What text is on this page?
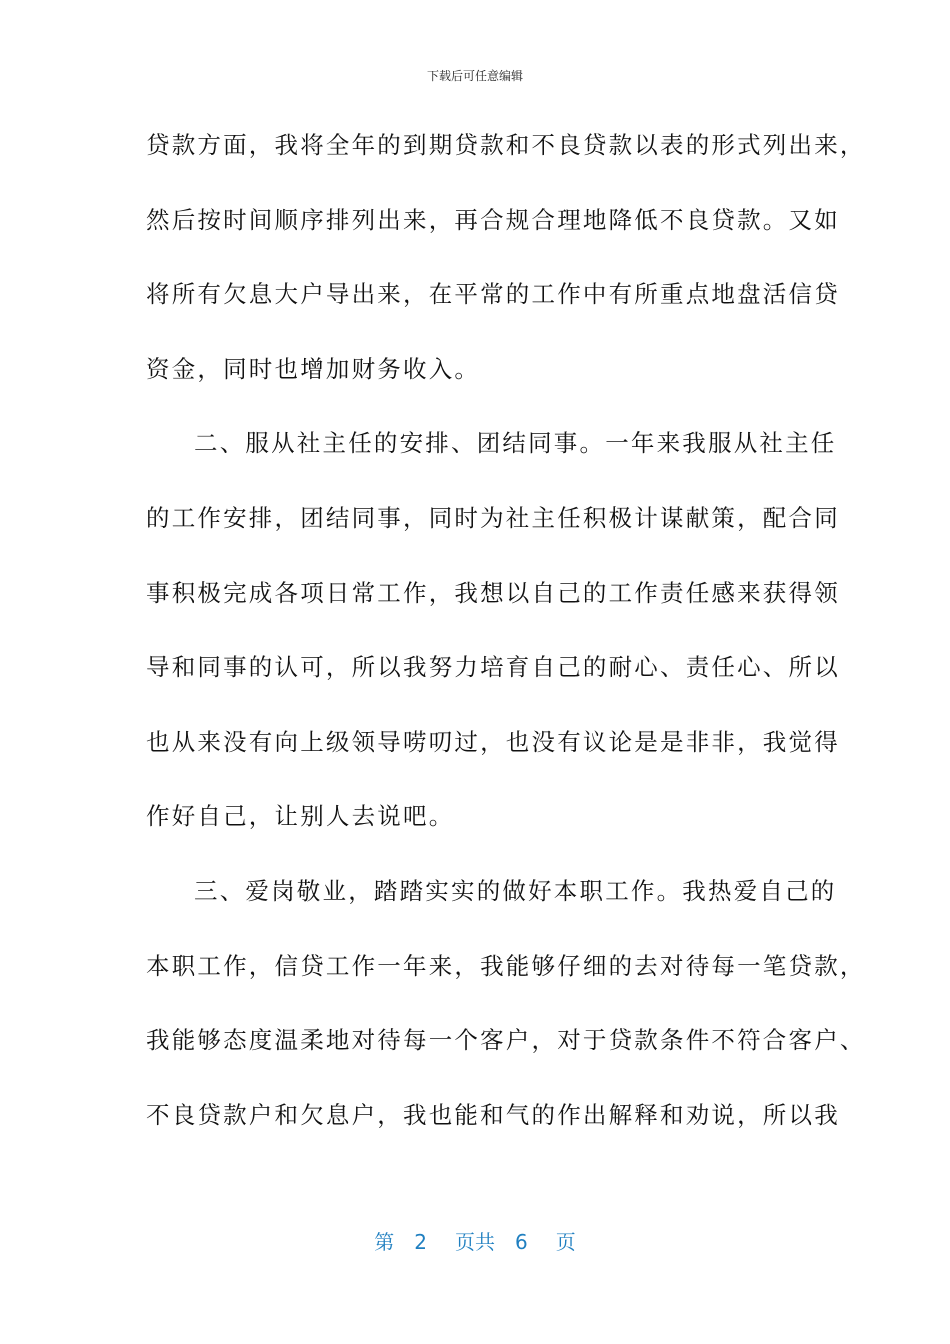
下载后可任意编辑
贷款方面，我将全年的到期贷款和不良贷款以表的形式列出来，
然后按时间顺序排列出来，再合规合理地降低不良贷款。又如
将所有欠息大户导出来，在平常的工作中有所重点地盘活信贷
资金，同时也增加财务收入。
二、服从社主任的安排、团结同事。一年来我服从社主任
的工作安排，团结同事，同时为社主任积极计谋献策，配合同
事积极完成各项日常工作，我想以自己的工作责任感来获得领
导和同事的认可，所以我努力培育自己的耐心、责任心、所以
也从来没有向上级领导唠叨过，也没有议论是是非非，我觉得
作好自己，让别人去说吧。
三、爱岗敬业，踏踏实实的做好本职工作。我热爱自己的
本职工作，信贷工作一年来，我能够仔细的去对待每一笔贷款，
我能够态度温柔地对待每一个客户，对于贷款条件不符合客户、
不良贷款户和欠息户，我也能和气的作出解释和劝说，所以我
第 2 页共 6 页
